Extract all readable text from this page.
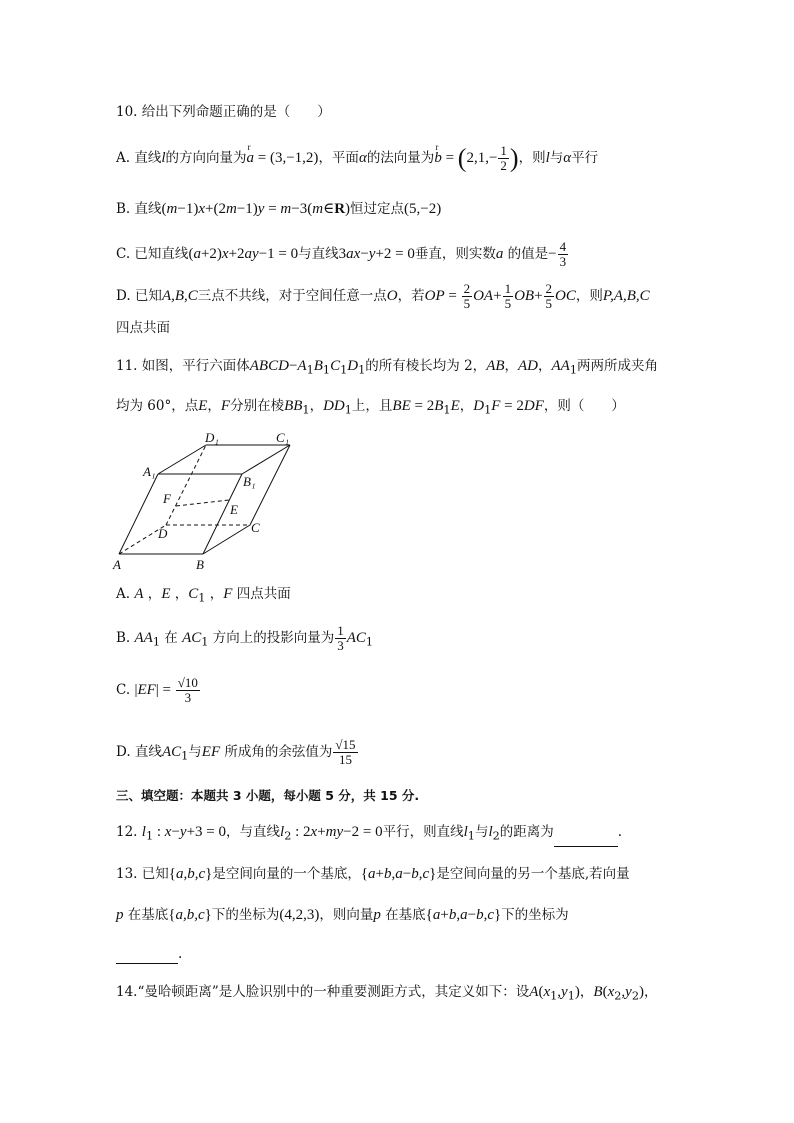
10. 给出下列命题正确的是（　　）
A. 直线l的方向向量为r a = (3,−1,2)，平面α的法向量为r $b = (2,1,- \frac{1}{2}$ )，则l与α平行
B. 直线(m−1)x+(2m−1)y = m−3(m∈R)恒过定点(5,−2)
C. 已知直线(a+2)x+2ay−1 = 0与直线3ax−y+2 = 0垂直，则实数a 的值是− $\frac{4}{3}$
D. 已知A,B,C三点不共线，对于空间任意一点O，若OP = $\frac{2}{5} OA+ \frac{1}{5} OB+ \frac{2}{5}$ OC，则P,A,B,C
四点共面
11. 如图，平行六面体$ABCD-A_1B_1C_1D_1$的所有棱长均为 2，AB，AD，$AA_1$两两所成夹角
均为 60°，点E，F分别在棱$BB_1$，$DD_1$上，且BE = $2B_1E$，$D_1F = 2DF$，则（　　）
D₁	C₁
A₁
B₁
F
E
D	C
A	B
A. A ，E ，$C_1$ ，F 四点共面
B. $AA_1$ 在 $AC_1$ 方向上的投影向量为 $\frac{1}{3} AC_1$
C. $|EF| = \frac{√10}{3}$
D. 直线$AC_1$与EF 所成角的余弦值为 $\frac{√15}{15}$
三、填空题：本题共 3 小题，每小题 5 分，共 15 分.
12. $l_1$ : x−y+3 = 0，与直线$l_2$ : 2x+my−2 = 0平行，则直线$l_1$与$l_2$的距离为	.
13. 已知{a,b,c}是空间向量的一个基底，{a+b,a−b,c}是空间向量的另一个基底,若向量
p 在基底{a,b,c}下的坐标为(4,2,3)，则向量p 在基底{a+b,a−b,c}下的坐标为
.
14.“曼哈顿距离”是人脸识别中的一种重要测距方式，其定义如下：设$A(x_1,y_1)$，$B(x_2,y_2)$，
